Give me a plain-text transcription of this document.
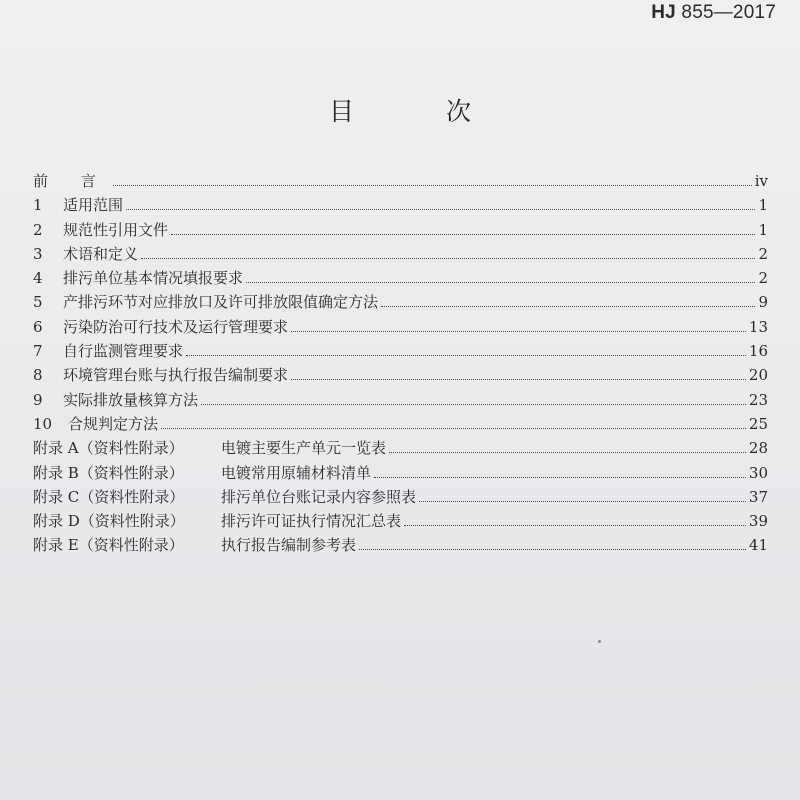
HJ 855—2017
目 次
前 言	iv
1	适用范围	1
2	规范性引用文件	1
3	术语和定义	2
4	排污单位基本情况填报要求	2
5	产排污环节对应排放口及许可排放限值确定方法	9
6	污染防治可行技术及运行管理要求	13
7	自行监测管理要求	16
8	环境管理台账与执行报告编制要求	20
9	实际排放量核算方法	23
10	合规判定方法	25
附录 A（资料性附录）	电镀主要生产单元一览表	28
附录 B（资料性附录）	电镀常用原辅材料清单	30
附录 C（资料性附录）	排污单位台账记录内容参照表	37
附录 D（资料性附录）	排污许可证执行情况汇总表	39
附录 E（资料性附录）	执行报告编制参考表	41
